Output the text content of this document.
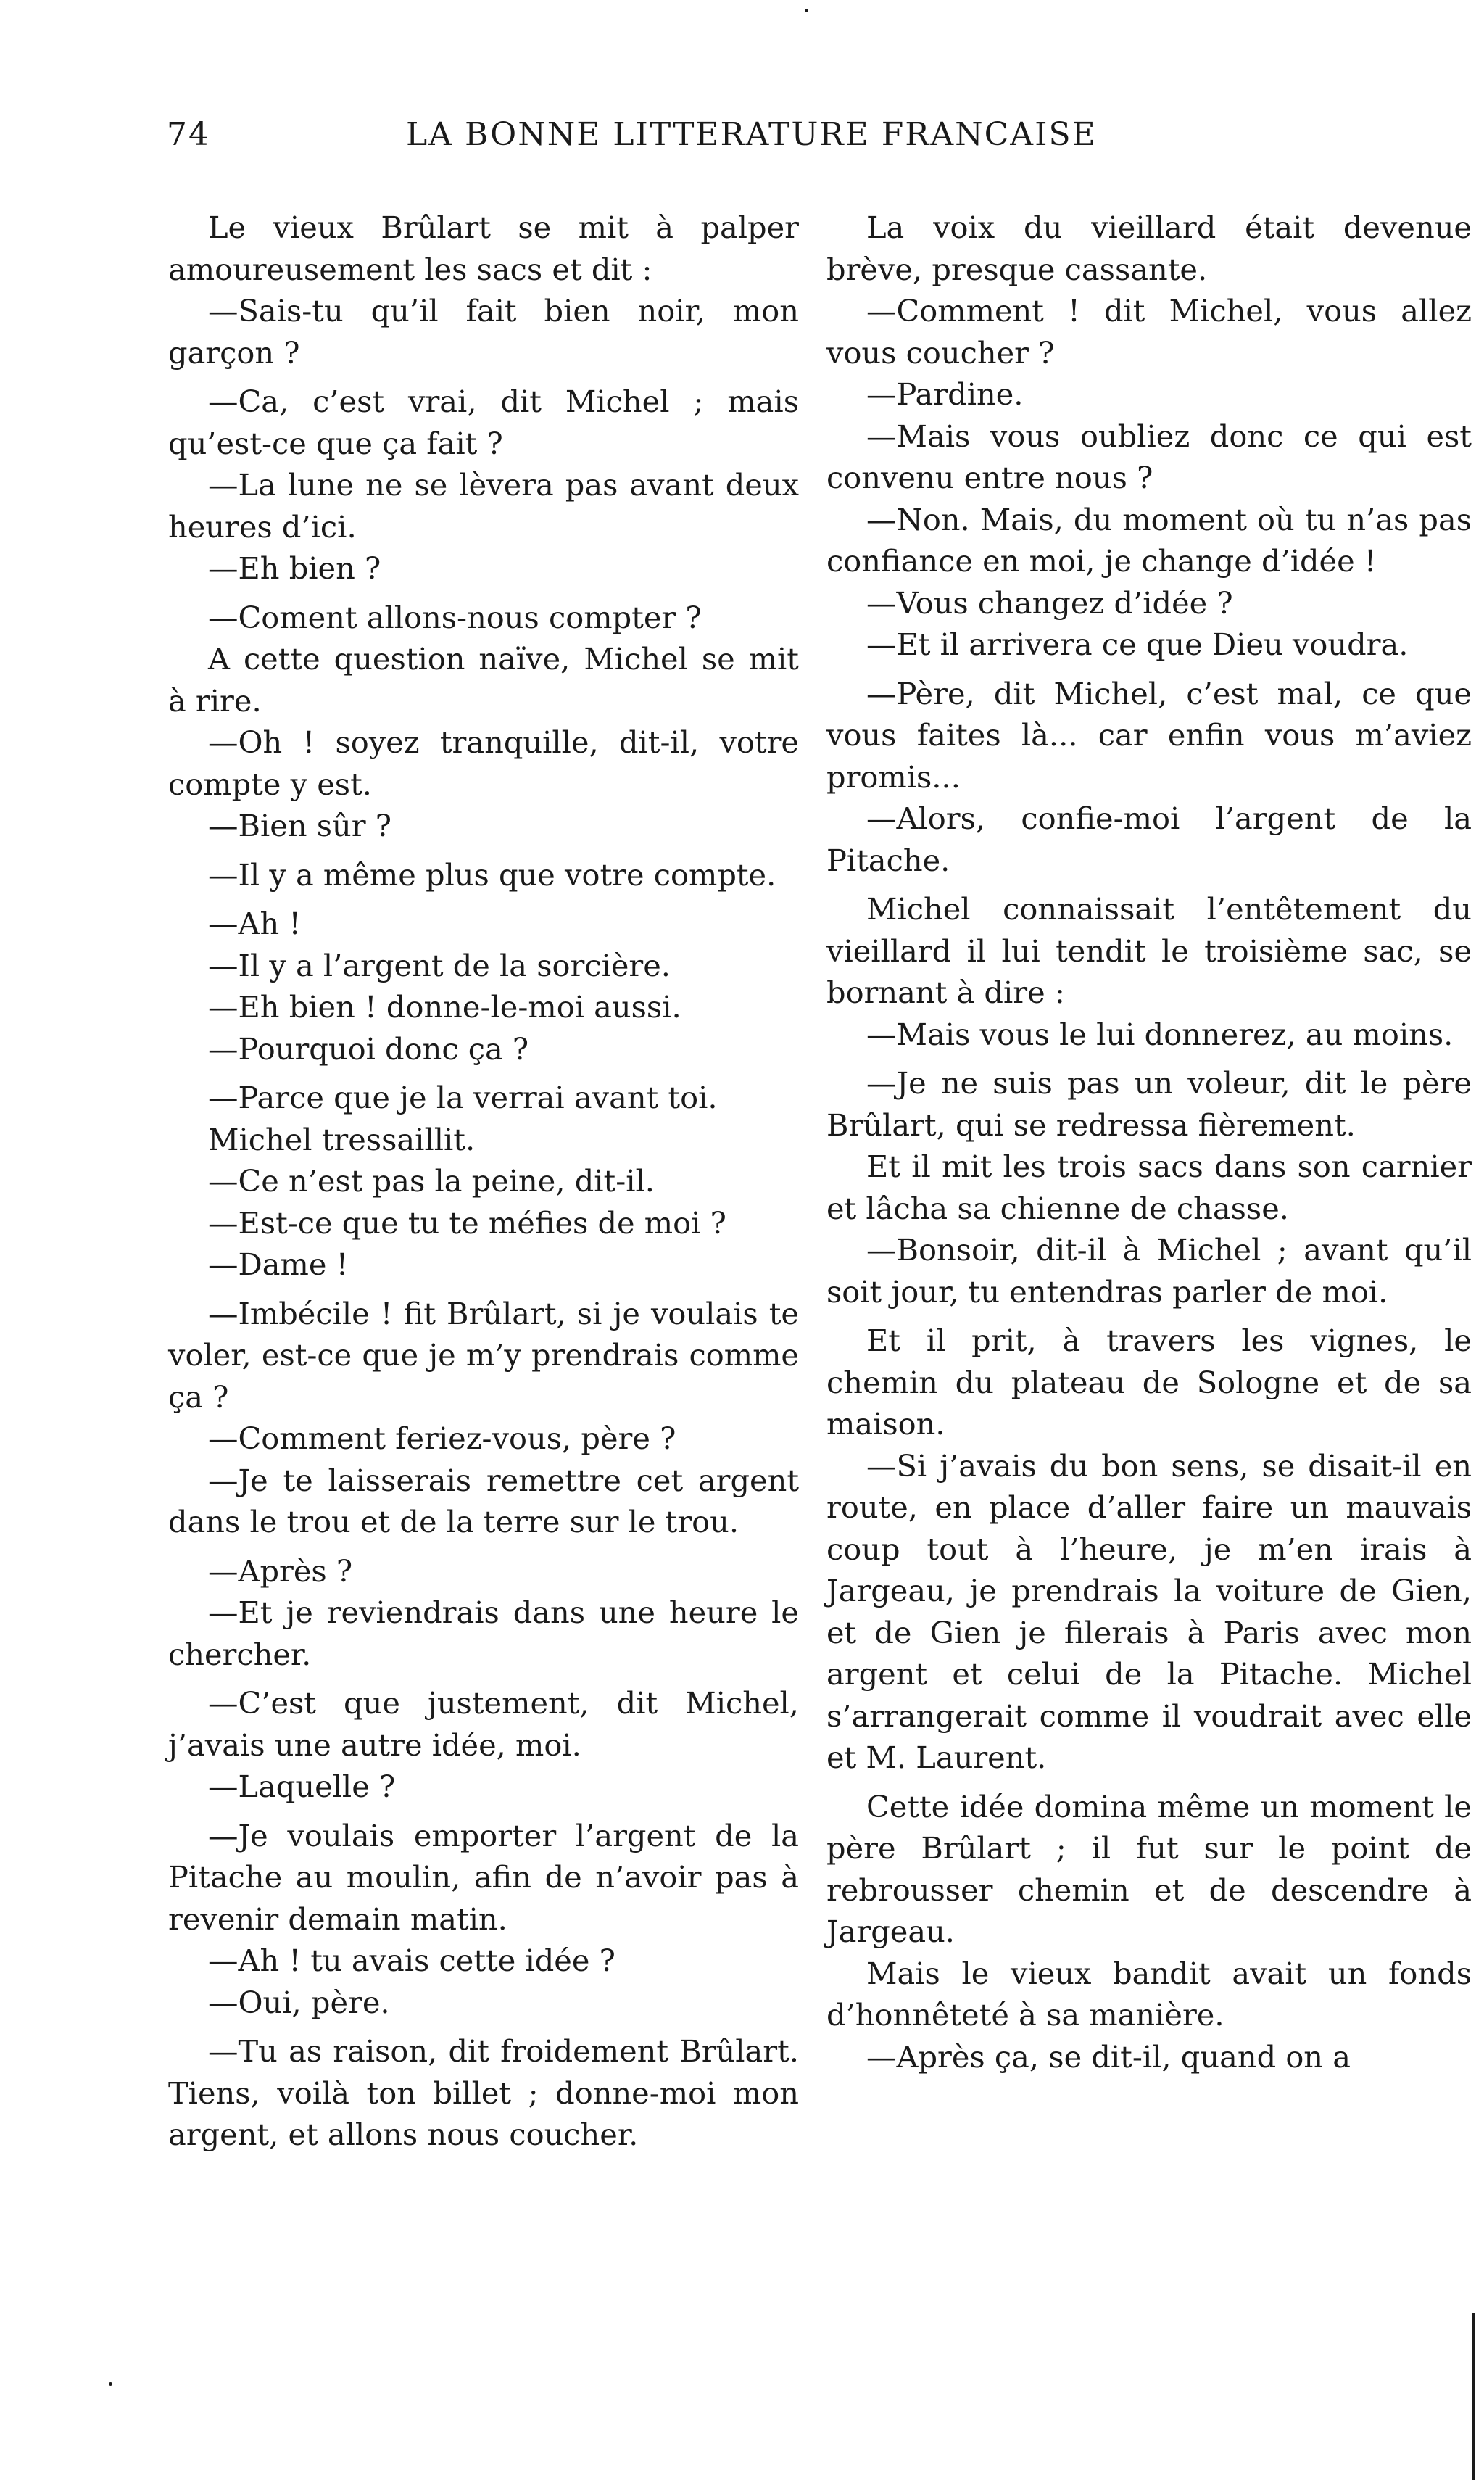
74	LA BONNE LITTERATURE FRANCAISE

Le vieux Brûlart se mit à palper amoureusement les sacs et dit :

—Sais-tu qu’il fait bien noir, mon garçon ?

—Ca, c’est vrai, dit Michel ; mais qu’est-ce que ça fait ?

—La lune ne se lèvera pas avant deux heures d’ici.

—Eh bien ?

—Coment allons-nous compter ?

A cette question naïve, Michel se mit à rire.

—Oh ! soyez tranquille, dit-il, votre compte y est.

—Bien sûr ?

—Il y a même plus que votre compte.

—Ah !

—Il y a l’argent de la sorcière.

—Eh bien ! donne-le-moi aussi.

—Pourquoi donc ça ?

—Parce que je la verrai avant toi.

Michel tressaillit.

—Ce n’est pas la peine, dit-il.

—Est-ce que tu te méfies de moi ?

—Dame !

—Imbécile ! fit Brûlart, si je voulais te voler, est-ce que je m’y prendrais comme ça ?

—Comment feriez-vous, père ?

—Je te laisserais remettre cet argent dans le trou et de la terre sur le trou.

—Après ?

—Et je reviendrais dans une heure le chercher.

—C’est que justement, dit Michel, j’avais une autre idée, moi.

—Laquelle ?

—Je voulais emporter l’argent de la Pitache au moulin, afin de n’avoir pas à revenir demain matin.

—Ah ! tu avais cette idée ?

—Oui, père.

—Tu as raison, dit froidement Brûlart. Tiens, voilà ton billet ; donne-moi mon argent, et allons nous coucher.

La voix du vieillard était devenue brève, presque cassante.

—Comment ! dit Michel, vous allez vous coucher ?

—Pardine.

—Mais vous oubliez donc ce qui est convenu entre nous ?

—Non. Mais, du moment où tu n’as pas confiance en moi, je change d’idée !

—Vous changez d’idée ?

—Et il arrivera ce que Dieu voudra.

—Père, dit Michel, c’est mal, ce que vous faites là... car enfin vous m’aviez promis...

—Alors, confie-moi l’argent de la Pitache.

Michel connaissait l’entêtement du vieillard il lui tendit le troisième sac, se bornant à dire :

—Mais vous le lui donnerez, au moins.

—Je ne suis pas un voleur, dit le père Brûlart, qui se redressa fièrement.

Et il mit les trois sacs dans son carnier et lâcha sa chienne de chasse.

—Bonsoir, dit-il à Michel ; avant qu’il soit jour, tu entendras parler de moi.

Et il prit, à travers les vignes, le chemin du plateau de Sologne et de sa maison.

—Si j’avais du bon sens, se disait-il en route, en place d’aller faire un mauvais coup tout à l’heure, je m’en irais à Jargeau, je prendrais la voiture de Gien, et de Gien je filerais à Paris avec mon argent et celui de la Pitache. Michel s’arrangerait comme il voudrait avec elle et M. Laurent.

Cette idée domina même un moment le père Brûlart ; il fut sur le point de rebrousser chemin et de descendre à Jargeau.

Mais le vieux bandit avait un fonds d’honnêteté à sa manière.

—Après ça, se dit-il, quand on a
